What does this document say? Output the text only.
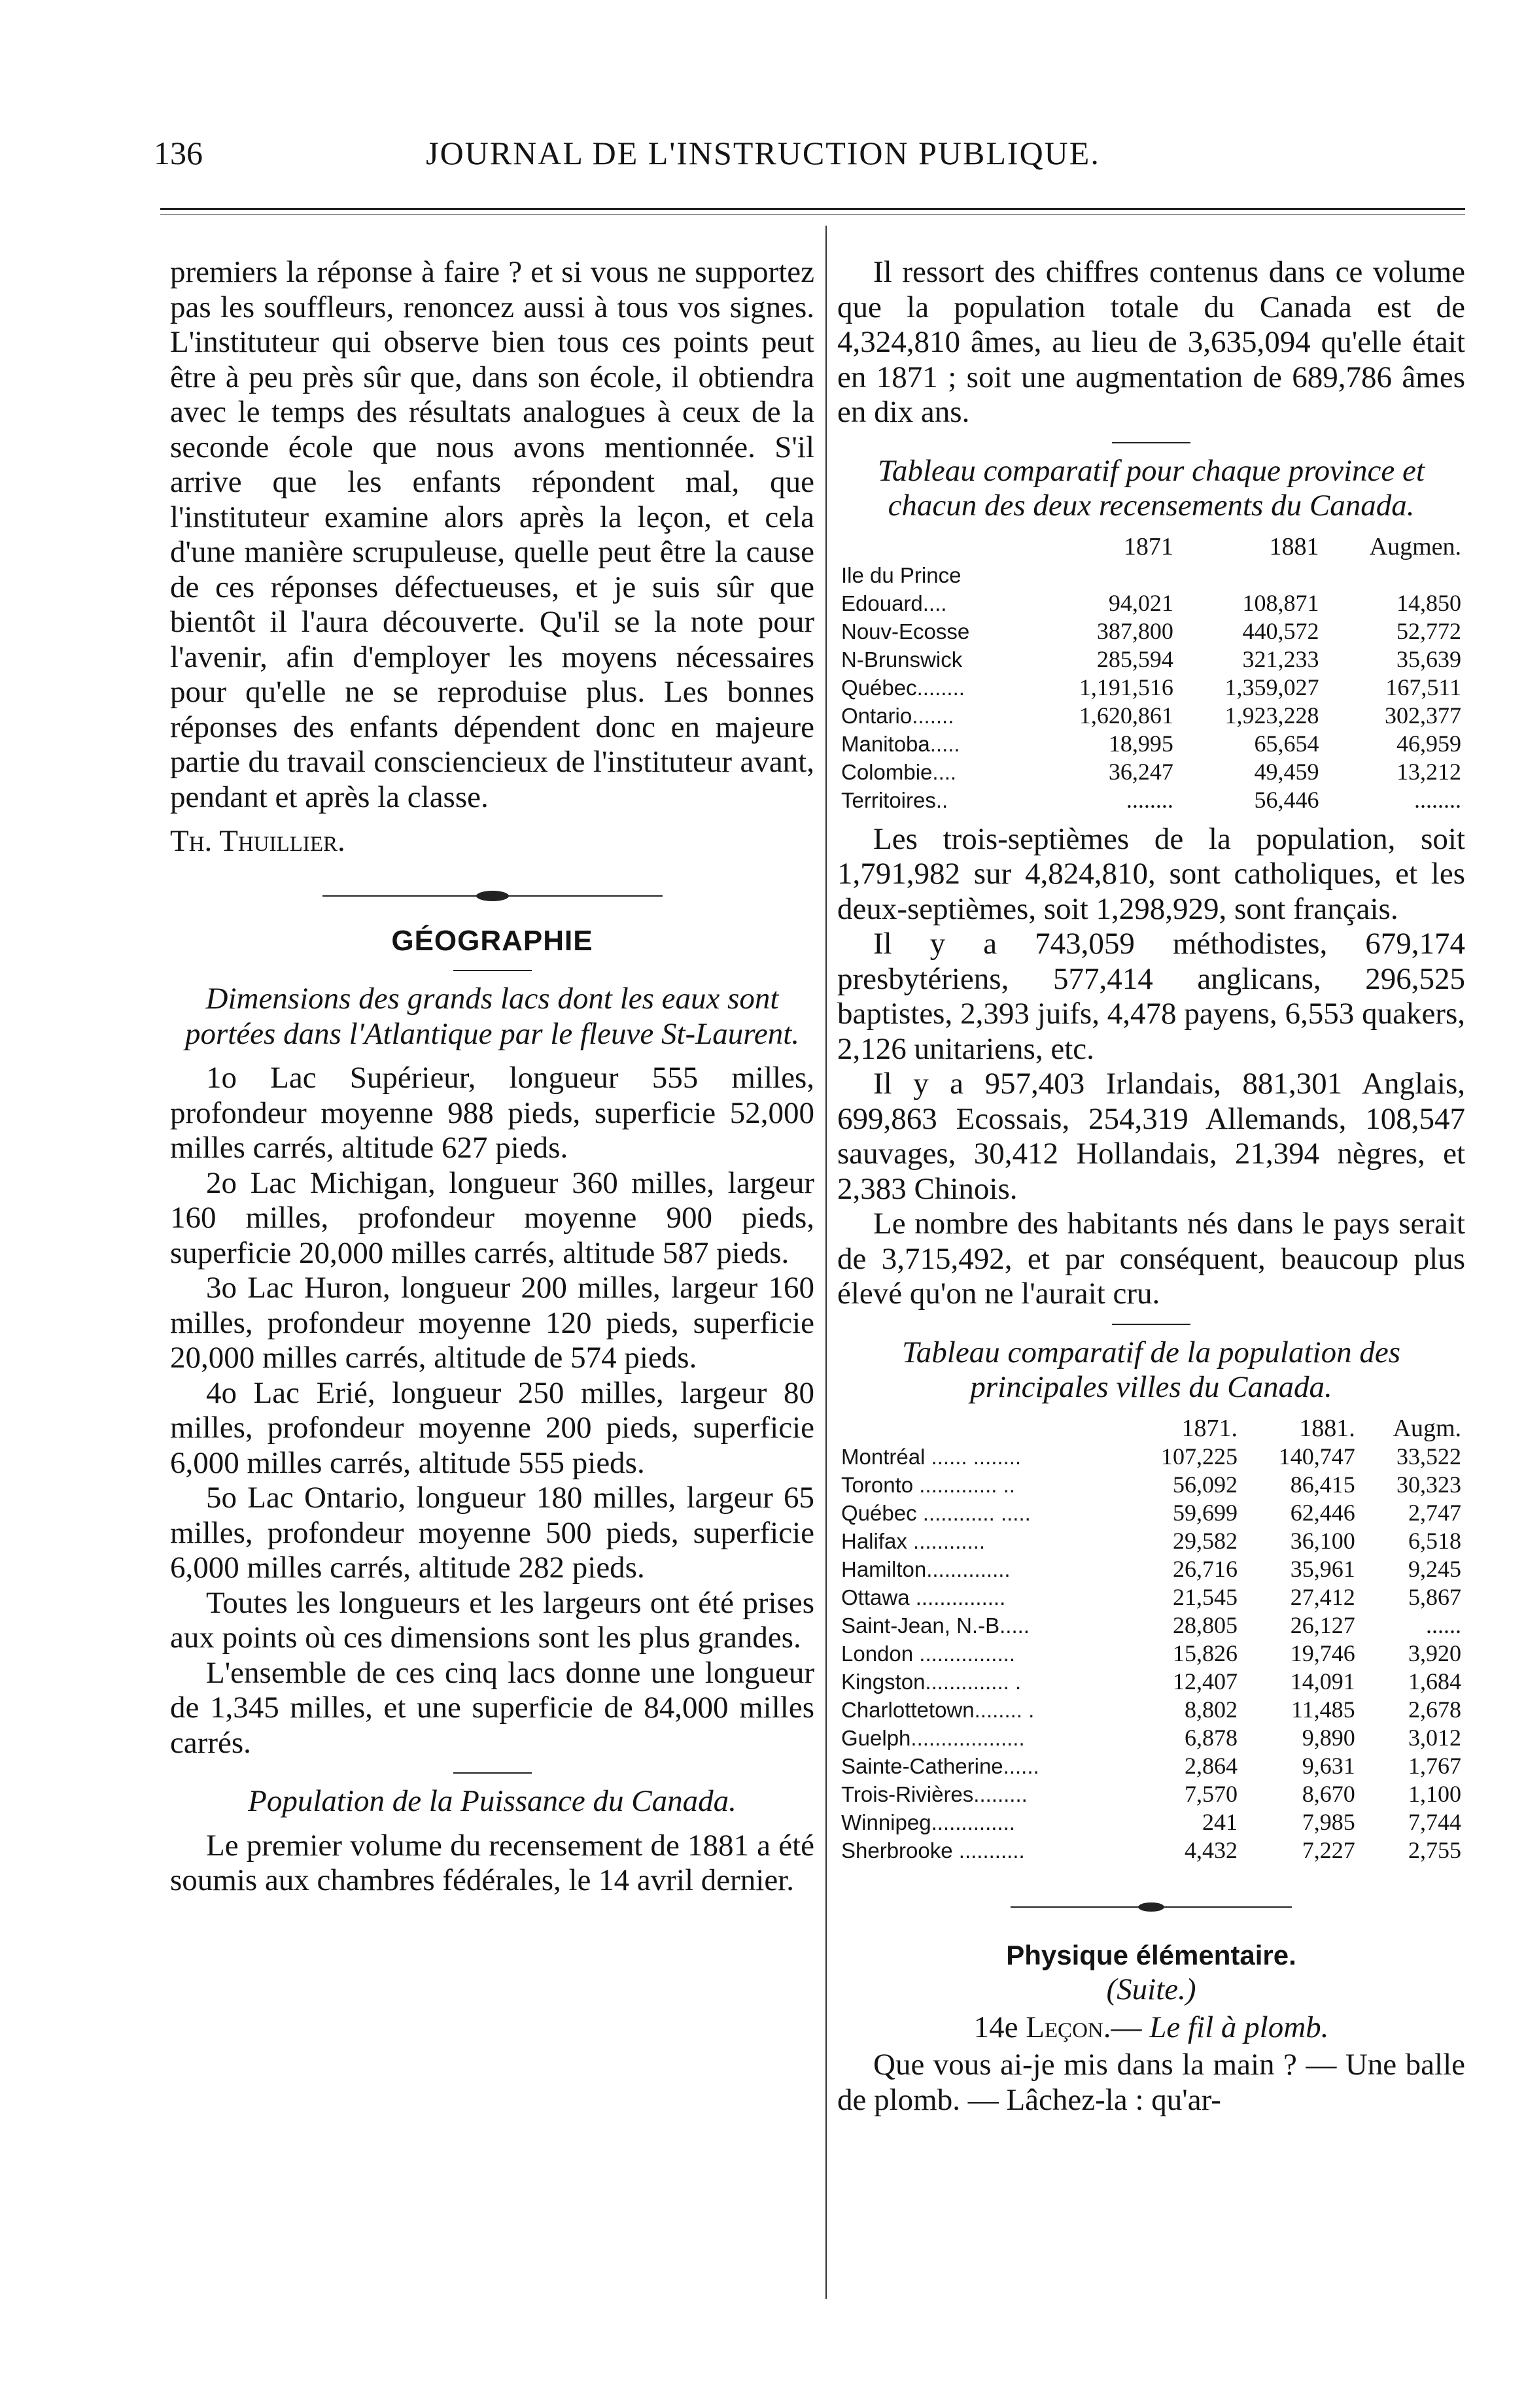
136	JOURNAL DE L'INSTRUCTION PUBLIQUE.

premiers la réponse à faire ? et si vous ne supportez pas les souffleurs, renoncez aussi à tous vos signes. L'instituteur qui observe bien tous ces points peut être à peu près sûr que, dans son école, il obtiendra avec le temps des résultats analogues à ceux de la seconde école que nous avons mentionnée. S'il arrive que les enfants répondent mal, que l'instituteur examine alors après la leçon, et cela d'une manière scrupuleuse, quelle peut être la cause de ces réponses défectueuses, et je suis sûr que bientôt il l'aura découverte. Qu'il se la note pour l'avenir, afin d'employer les moyens nécessaires pour qu'elle ne se reproduise plus. Les bonnes réponses des enfants dépendent donc en majeure partie du travail consciencieux de l'instituteur avant, pendant et après la classe.

Th. Thuillier.

GÉOGRAPHIE

Dimensions des grands lacs dont les eaux sont portées dans l'Atlantique par le fleuve St-Laurent.

1o Lac Supérieur, longueur 555 milles, profondeur moyenne 988 pieds, superficie 52,000 milles carrés, altitude 627 pieds.

2o Lac Michigan, longueur 360 milles, largeur 160 milles, profondeur moyenne 900 pieds, superficie 20,000 milles carrés, altitude 587 pieds.

3o Lac Huron, longueur 200 milles, largeur 160 milles, profondeur moyenne 120 pieds, superficie 20,000 milles carrés, altitude de 574 pieds.

4o Lac Erié, longueur 250 milles, largeur 80 milles, profondeur moyenne 200 pieds, superficie 6,000 milles carrés, altitude 555 pieds.

5o Lac Ontario, longueur 180 milles, largeur 65 milles, profondeur moyenne 500 pieds, superficie 6,000 milles carrés, altitude 282 pieds.

Toutes les longueurs et les largeurs ont été prises aux points où ces dimensions sont les plus grandes.

L'ensemble de ces cinq lacs donne une longueur de 1,345 milles, et une superficie de 84,000 milles carrés.

Population de la Puissance du Canada.

Le premier volume du recensement de 1881 a été soumis aux chambres fédérales, le 14 avril dernier.

Il ressort des chiffres contenus dans ce volume que la population totale du Canada est de 4,324,810 âmes, au lieu de 3,635,094 qu'elle était en 1871 ; soit une augmentation de 689,786 âmes en dix ans.

Tableau comparatif pour chaque province et chacun des deux recensements du Canada.

	1871	1881	Augmen.
Ile du Prince			
Edouard....	94,021	108,871	14,850
Nouv-Ecosse	387,800	440,572	52,772
N-Brunswick	285,594	321,233	35,639
Québec........	1,191,516	1,359,027	167,511
Ontario.......	1,620,861	1,923,228	302,377
Manitoba.....	18,995	65,654	46,959
Colombie....	36,247	49,459	13,212
Territoires..	........	56,446	........

Les trois-septièmes de la population, soit 1,791,982 sur 4,824,810, sont catholiques, et les deux-septièmes, soit 1,298,929, sont français.

Il y a 743,059 méthodistes, 679,174 presbytériens, 577,414 anglicans, 296,525 baptistes, 2,393 juifs, 4,478 payens, 6,553 quakers, 2,126 unitariens, etc.

Il y a 957,403 Irlandais, 881,301 Anglais, 699,863 Ecossais, 254,319 Allemands, 108,547 sauvages, 30,412 Hollandais, 21,394 nègres, et 2,383 Chinois.

Le nombre des habitants nés dans le pays serait de 3,715,492, et par conséquent, beaucoup plus élevé qu'on ne l'aurait cru.

Tableau comparatif de la population des principales villes du Canada.

	1871.	1881.	Augm.
Montréal ...... ........	107,225	140,747	33,522
Toronto ............. ..	56,092	86,415	30,323
Québec ............ .....	59,699	62,446	2,747
Halifax ............	29,582	36,100	6,518
Hamilton..............	26,716	35,961	9,245
Ottawa ...............	21,545	27,412	5,867
Saint-Jean, N.-B.....	28,805	26,127	......
London ................	15,826	19,746	3,920
Kingston.............. .	12,407	14,091	1,684
Charlottetown........ .	8,802	11,485	2,678
Guelph...................	6,878	9,890	3,012
Sainte-Catherine......	2,864	9,631	1,767
Trois-Rivières.........	7,570	8,670	1,100
Winnipeg..............	241	7,985	7,744
Sherbrooke ...........	4,432	7,227	2,755

Physique élémentaire.

(Suite.)

14e Leçon.— Le fil à plomb.

Que vous ai-je mis dans la main ? — Une balle de plomb. — Lâchez-la : qu'ar-
